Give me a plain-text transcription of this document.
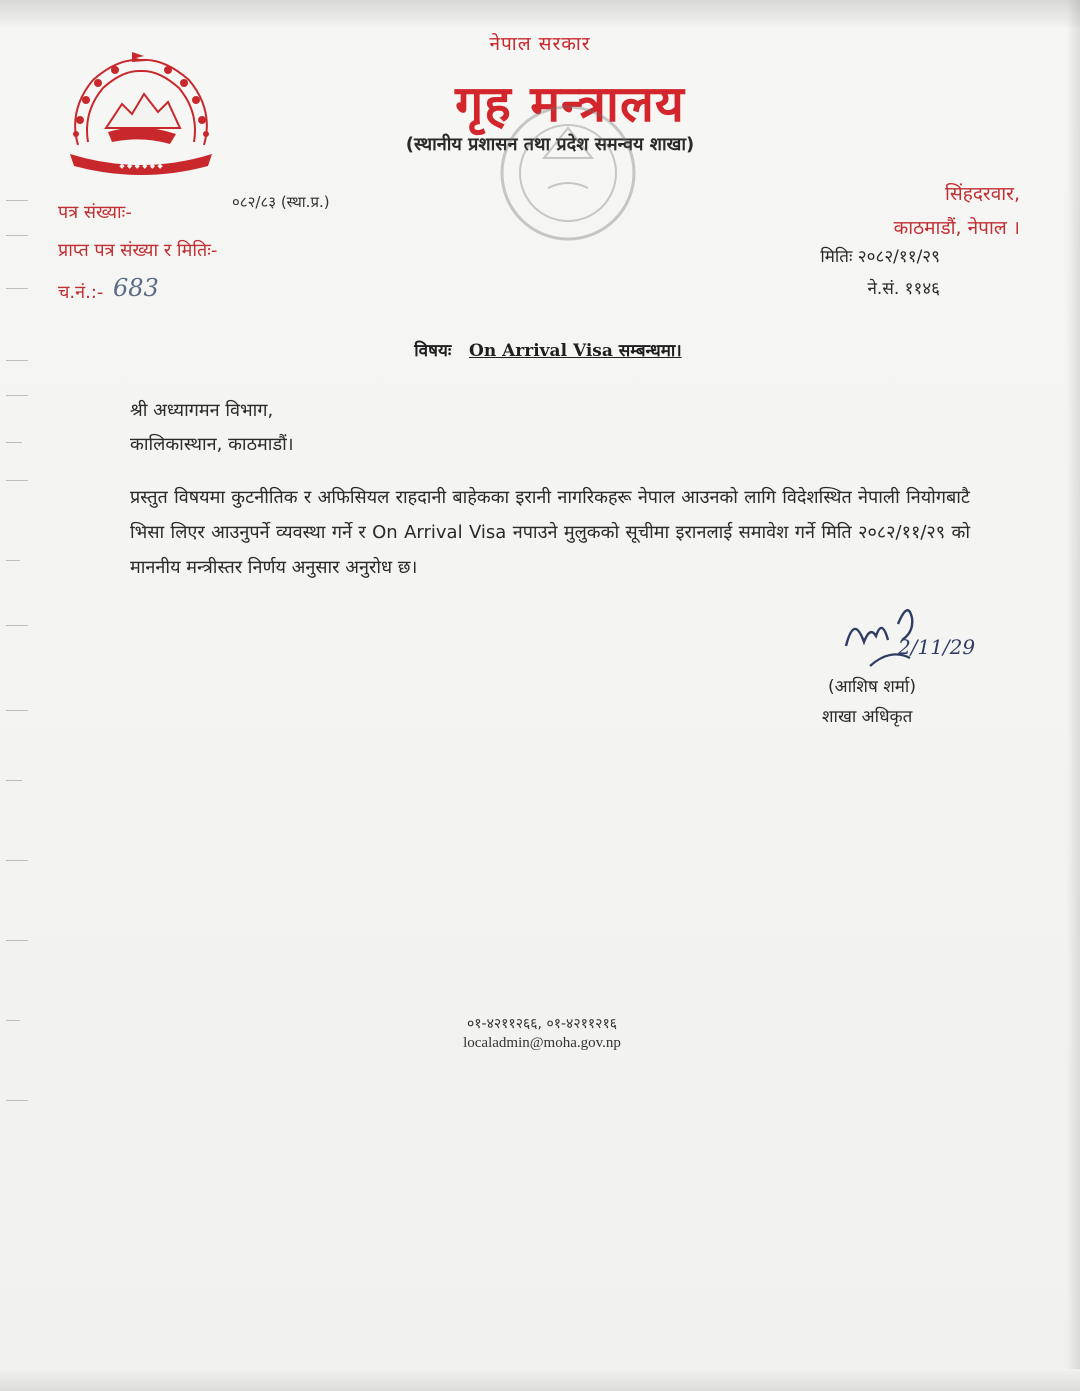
◆ ◆ ◆ ◆ ◆ ◆
नेपाल सरकार
गृह मन्त्रालय
(स्थानीय प्रशासन तथा प्रदेश समन्वय शाखा)
पत्र संख्याः-	०८२/८३ (स्था.प्र.)
प्राप्त पत्र संख्या र मितिः-
च.नं.:- 683
सिंहदरवार,
काठमाडौं, नेपाल ।
मितिः २०८२/११/२९
ने.सं. ११४६
विषयः On Arrival Visa सम्बन्धमा।
श्री अध्यागमन विभाग,
कालिकास्थान, काठमाडौं।
प्रस्तुत विषयमा कुटनीतिक र अफिसियल राहदानी बाहेकका इरानी नागरिकहरू नेपाल आउनको लागि विदेशस्थित नेपाली नियोगबाटै भिसा लिएर आउनुपर्ने व्यवस्था गर्ने र On Arrival Visa नपाउने मुलुकको सूचीमा इरानलाई समावेश गर्ने मिति २०८२/११/२९ को माननीय मन्त्रीस्तर निर्णय अनुसार अनुरोध छ।
2/11/29
(आशिष शर्मा)
शाखा अधिकृत
०१-४२११२६६, ०१-४२११२१६
localadmin@moha.gov.np
